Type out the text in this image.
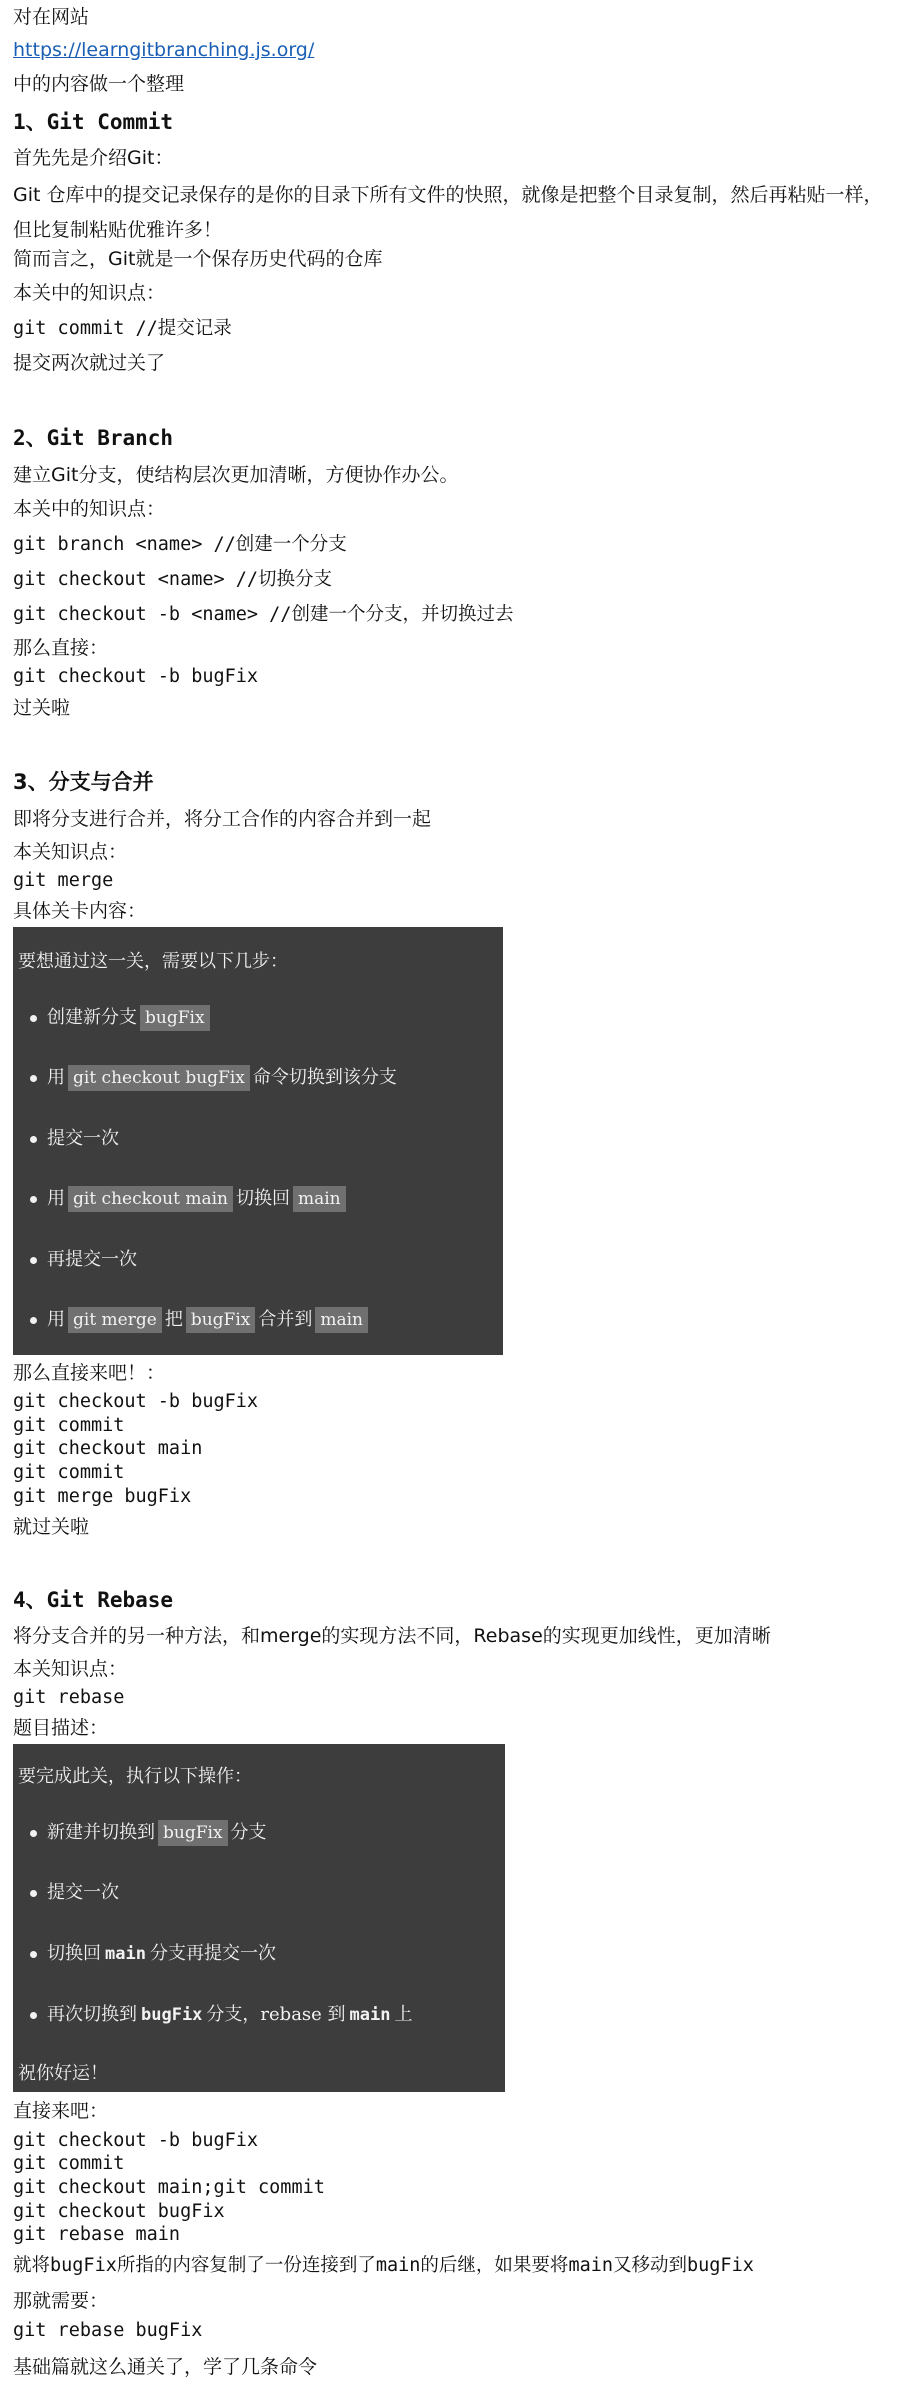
对在网站
https://learngitbranching.js.org/
中的内容做一个整理
1、Git Commit
首先先是介绍Git：
Git 仓库中的提交记录保存的是你的目录下所有文件的快照，就像是把整个目录复制，然后再粘贴一样，但比复制粘贴优雅许多！
简而言之，Git就是一个保存历史代码的仓库
本关中的知识点：
git commit //提交记录
提交两次就过关了
2、Git Branch
建立Git分支，使结构层次更加清晰，方便协作办公。
本关中的知识点：
git branch <name> //创建一个分支
git checkout <name> //切换分支
git checkout -b <name> //创建一个分支，并切换过去
那么直接：
git checkout -b bugFix
过关啦
3、分支与合并
即将分支进行合并，将分工合作的内容合并到一起
本关知识点：
git merge
具体关卡内容：
要想通过这一关，需要以下几步：
创建新分支 bugFix
用 git checkout bugFix 命令切换到该分支
提交一次
用 git checkout main 切换回 main
再提交一次
用 git merge 把 bugFix 合并到 main
那么直接来吧！：
git checkout -b bugFix
git commit
git checkout main
git commit
git merge bugFix
就过关啦
4、Git Rebase
将分支合并的另一种方法，和merge的实现方法不同，Rebase的实现更加线性，更加清晰
本关知识点：
git rebase
题目描述：
要完成此关，执行以下操作：
新建并切换到 bugFix 分支
提交一次
切换回 main 分支再提交一次
再次切换到 bugFix 分支，rebase 到 main 上
祝你好运！
直接来吧：
git checkout -b bugFix
git commit
git checkout main;git commit
git checkout bugFix
git rebase main
就将bugFix所指的内容复制了一份连接到了main的后继，如果要将main又移动到bugFix
那就需要：
git rebase bugFix
基础篇就这么通关了，学了几条命令
